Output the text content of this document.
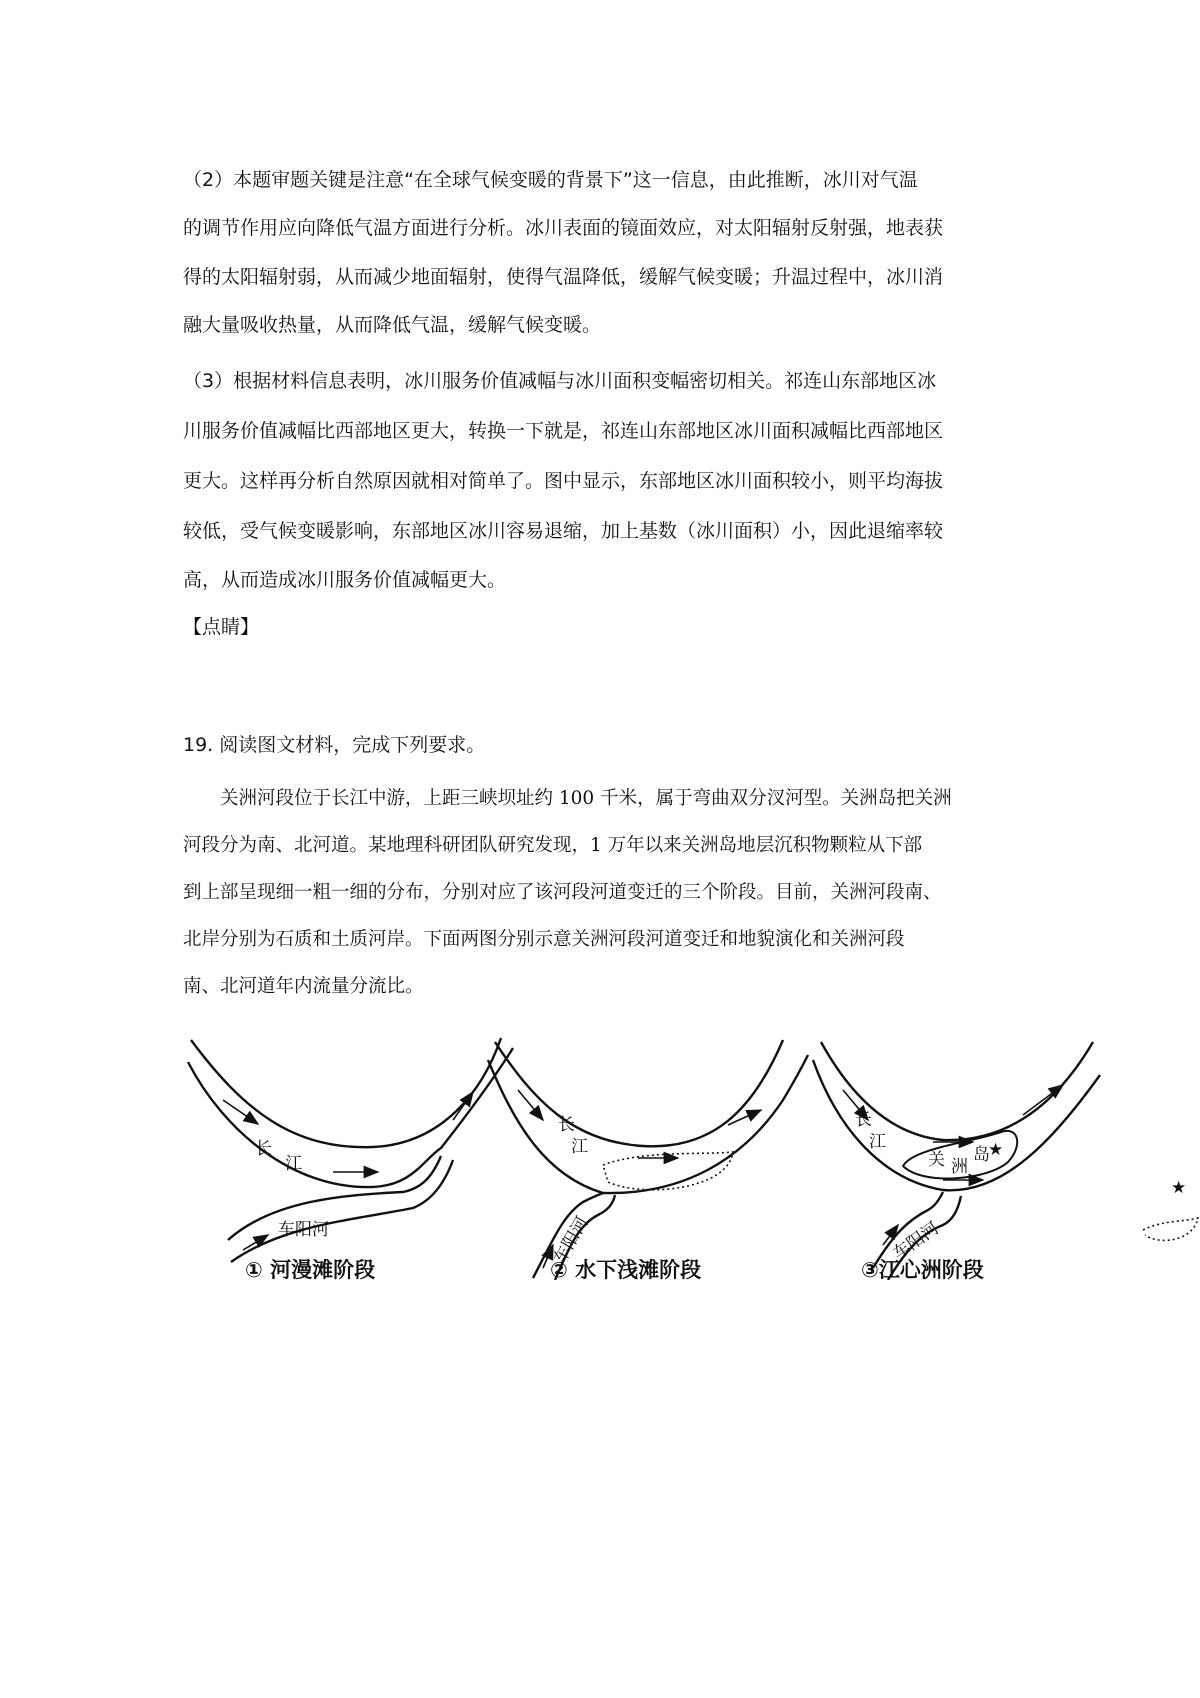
（2）本题审题关键是注意“在全球气候变暖的背景下”这一信息，由此推断，冰川对气温

的调节作用应向降低气温方面进行分析。冰川表面的镜面效应，对太阳辐射反射强，地表获

得的太阳辐射弱，从而减少地面辐射，使得气温降低，缓解气候变暖；升温过程中，冰川消

融大量吸收热量，从而降低气温，缓解气候变暖。

（3）根据材料信息表明，冰川服务价值减幅与冰川面积变幅密切相关。祁连山东部地区冰

川服务价值减幅比西部地区更大，转换一下就是，祁连山东部地区冰川面积减幅比西部地区

更大。这样再分析自然原因就相对简单了。图中显示，东部地区冰川面积较小，则平均海拔

较低，受气候变暖影响，东部地区冰川容易退缩，加上基数（冰川面积）小，因此退缩率较

高，从而造成冰川服务价值减幅更大。

【点睛】

19. 阅读图文材料，完成下列要求。

关洲河段位于长江中游，上距三峡坝址约 100 千米，属于弯曲双分汊河型。关洲岛把关洲

河段分为南、北河道。某地理科研团队研究发现，1 万年以来关洲岛地层沉积物颗粒从下部

到上部呈现细一粗一细的分布，分别对应了该河段河道变迁的三个阶段。目前，关洲河段南、

北岸分别为石质和土质河岸。下面两图分别示意关洲河段河道变迁和地貌演化和关洲河段

南、北河道年内流量分流比。

长
江
车阳河
长
江
车阳河
长
江
关 洲
岛
★
车阳河
★
① 河漫滩阶段	② 水下浅滩阶段	③江心洲阶段
